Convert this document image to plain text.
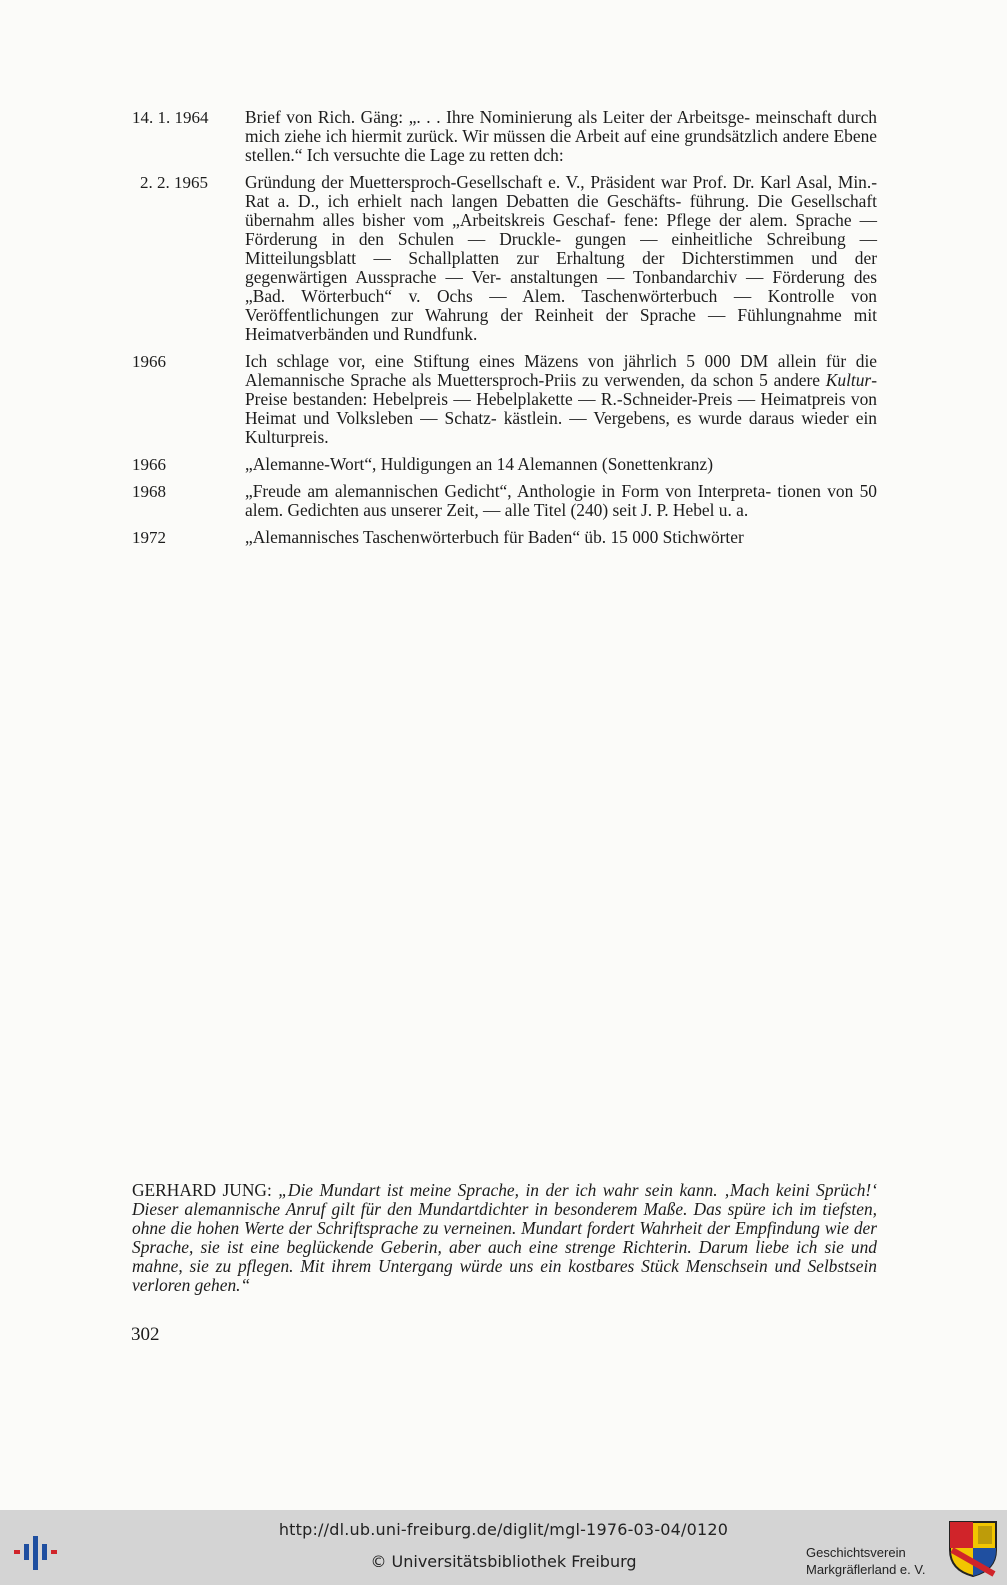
14. 1. 1964	Brief von Rich. Gäng: „. . . Ihre Nominierung als Leiter der Arbeitsge- meinschaft durch mich ziehe ich hiermit zurück. Wir müssen die Arbeit auf eine grundsätzlich andere Ebene stellen.“ Ich versuchte die Lage zu retten dch:
2. 2. 1965	Gründung der Muettersproch-Gesellschaft e. V., Präsident war Prof. Dr. Karl Asal, Min.-Rat a. D., ich erhielt nach langen Debatten die Geschäfts- führung. Die Gesellschaft übernahm alles bisher vom „Arbeitskreis Geschaf- fene: Pflege der alem. Sprache — Förderung in den Schulen — Druckle- gungen — einheitliche Schreibung — Mitteilungsblatt — Schallplatten zur Erhaltung der Dichterstimmen und der gegenwärtigen Aussprache — Ver- anstaltungen — Tonbandarchiv — Förderung des „Bad. Wörterbuch“ v. Ochs — Alem. Taschenwörterbuch — Kontrolle von Veröffentlichungen zur Wahrung der Reinheit der Sprache — Fühlungnahme mit Heimatverbänden und Rundfunk.
1966	Ich schlage vor, eine Stiftung eines Mäzens von jährlich 5 000 DM allein für die Alemannische Sprache als Muettersproch-Priis zu verwenden, da schon 5 andere Kultur-Preise bestanden: Hebelpreis — Hebelplakette — R.-Schneider-Preis — Heimatpreis von Heimat und Volksleben — Schatz- kästlein. — Vergebens, es wurde daraus wieder ein Kulturpreis.
1966	„Alemanne-Wort“, Huldigungen an 14 Alemannen (Sonettenkranz)
1968	„Freude am alemannischen Gedicht“, Anthologie in Form von Interpreta- tionen von 50 alem. Gedichten aus unserer Zeit, — alle Titel (240) seit J. P. Hebel u. a.
1972	„Alemannisches Taschenwörterbuch für Baden“ üb. 15 000 Stichwörter
GERHARD JUNG: „Die Mundart ist meine Sprache, in der ich wahr sein kann. ‚Mach keini Sprüch!‘ Dieser alemannische Anruf gilt für den Mundartdichter in besonderem Maße. Das spüre ich im tiefsten, ohne die hohen Werte der Schriftsprache zu verneinen. Mundart fordert Wahrheit der Empfindung wie der Sprache, sie ist eine beglückende Geberin, aber auch eine strenge Richterin. Darum liebe ich sie und mahne, sie zu pflegen. Mit ihrem Untergang würde uns ein kostbares Stück Menschsein und Selbstsein verloren gehen.“
302
http://dl.ub.uni-freiburg.de/diglit/mgl-1976-03-04/0120
© Universitätsbibliothek Freiburg	Geschichtsverein
Markgräflerland e. V.
